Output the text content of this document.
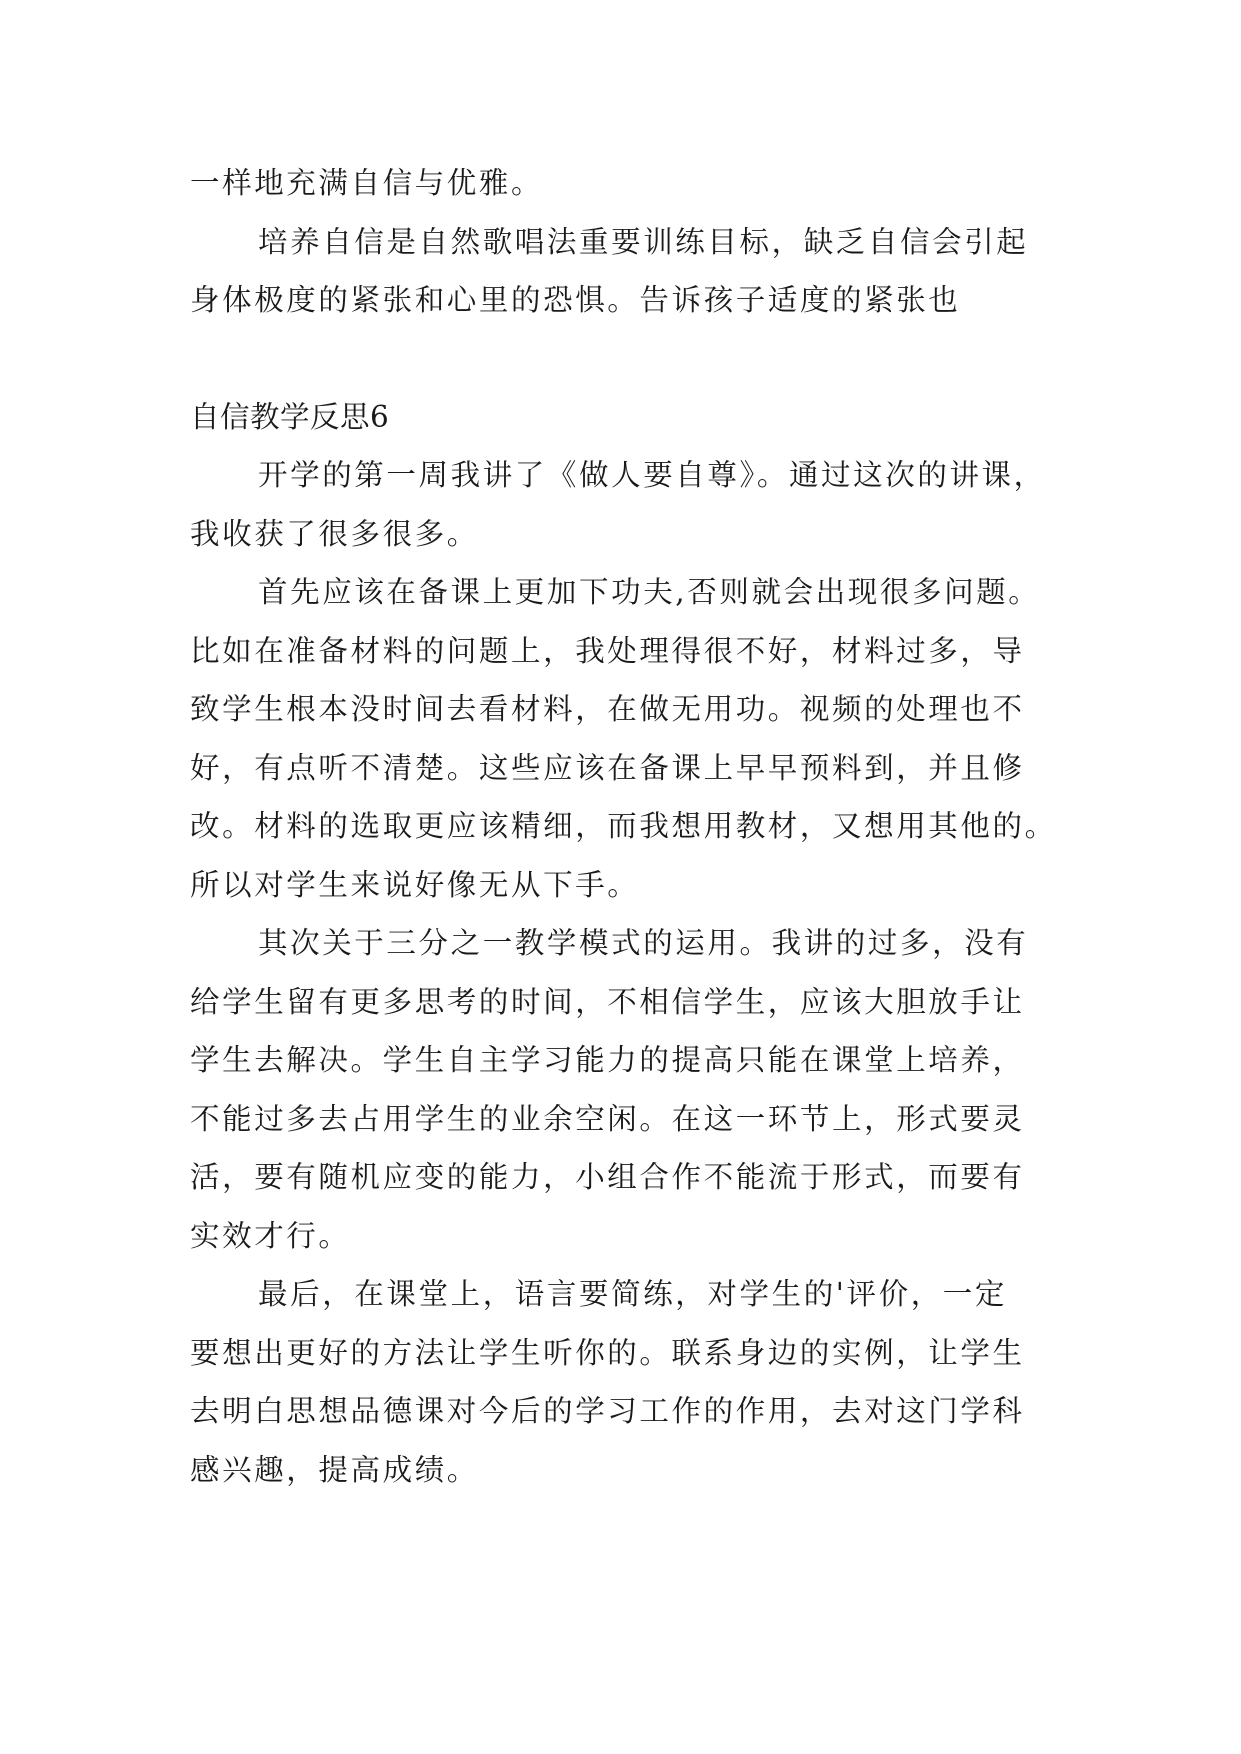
一样地充满自信与优雅。

培养自信是自然歌唱法重要训练目标，缺乏自信会引起

身体极度的紧张和心里的恐惧。告诉孩子适度的紧张也

自信教学反思6

开学的第一周我讲了《做人要自尊》。通过这次的讲课，

我收获了很多很多。

首先应该在备课上更加下功夫,否则就会出现很多问题。

比如在准备材料的问题上，我处理得很不好，材料过多，导

致学生根本没时间去看材料，在做无用功。视频的处理也不

好，有点听不清楚。这些应该在备课上早早预料到，并且修

改。材料的选取更应该精细，而我想用教材，又想用其他的。

所以对学生来说好像无从下手。

其次关于三分之一教学模式的运用。我讲的过多，没有

给学生留有更多思考的时间，不相信学生，应该大胆放手让

学生去解决。学生自主学习能力的提高只能在课堂上培养，

不能过多去占用学生的业余空闲。在这一环节上，形式要灵

活，要有随机应变的能力，小组合作不能流于形式，而要有

实效才行。

最后，在课堂上，语言要简练，对学生的'评价，一定

要想出更好的方法让学生听你的。联系身边的实例，让学生

去明白思想品德课对今后的学习工作的作用，去对这门学科

感兴趣，提高成绩。
